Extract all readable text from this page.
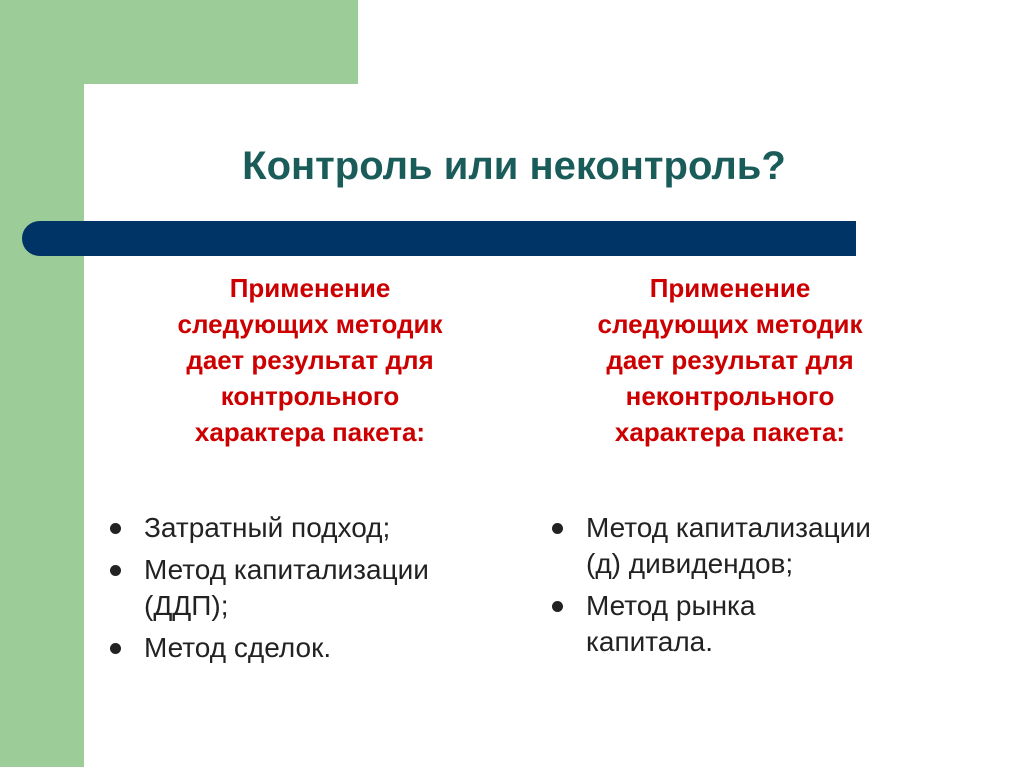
Контроль или неконтроль?
Применение
следующих методик
дает результат для
контрольного
характера пакета:
Применение
следующих методик
дает результат для
неконтрольного
характера пакета:
Затратный подход;
Метод капитализации
(ДДП);
Метод сделок.
Метод капитализации
(д) дивидендов;
Метод рынка
капитала.
